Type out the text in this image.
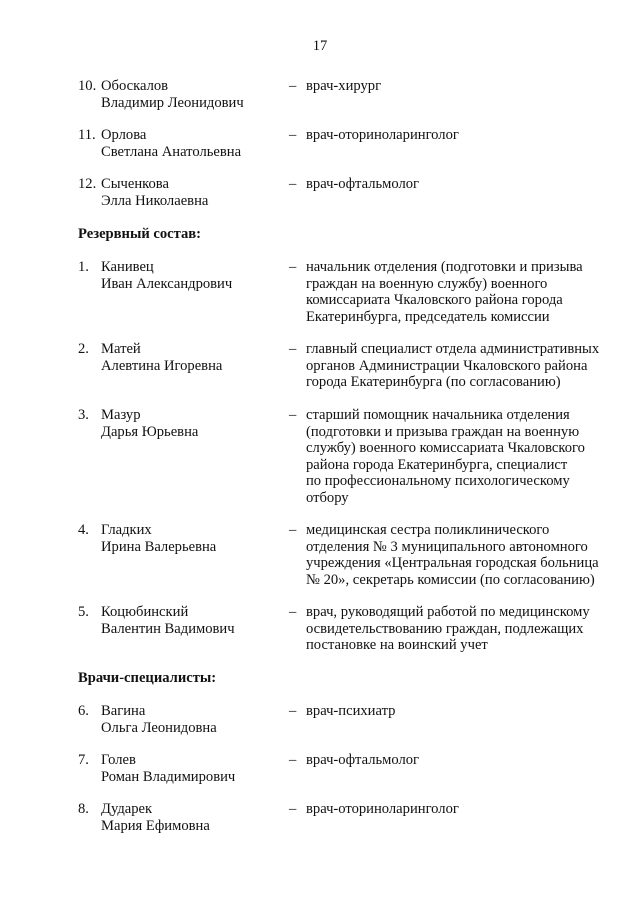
17
10. Обоскалов
Владимир Леонидович
– врач-хирург
11. Орлова
Светлана Анатольевна
– врач-оториноларинголог
12. Сыченкова
Элла Николаевна
– врач-офтальмолог
Резервный состав:
1. Канивец
Иван Александрович
– начальник отделения (подготовки и призыва
граждан на военную службу) военного
комиссариата Чкаловского района города
Екатеринбурга, председатель комиссии
2. Матей
Алевтина Игоревна
– главный специалист отдела административных
органов Администрации Чкаловского района
города Екатеринбурга (по согласованию)
3. Мазур
Дарья Юрьевна
– старший помощник начальника отделения
(подготовки и призыва граждан на военную
службу) военного комиссариата Чкаловского
района города Екатеринбурга, специалист
по профессиональному психологическому
отбору
4. Гладких
Ирина Валерьевна
– медицинская сестра поликлинического
отделения № 3 муниципального автономного
учреждения «Центральная городская больница
№ 20», секретарь комиссии (по согласованию)
5. Коцюбинский
Валентин Вадимович
– врач, руководящий работой по медицинскому
освидетельствованию граждан, подлежащих
постановке на воинский учет
Врачи-специалисты:
6. Вагина
Ольга Леонидовна
– врач-психиатр
7. Голев
Роман Владимирович
– врач-офтальмолог
8. Дударек
Мария Ефимовна
– врач-оториноларинголог
